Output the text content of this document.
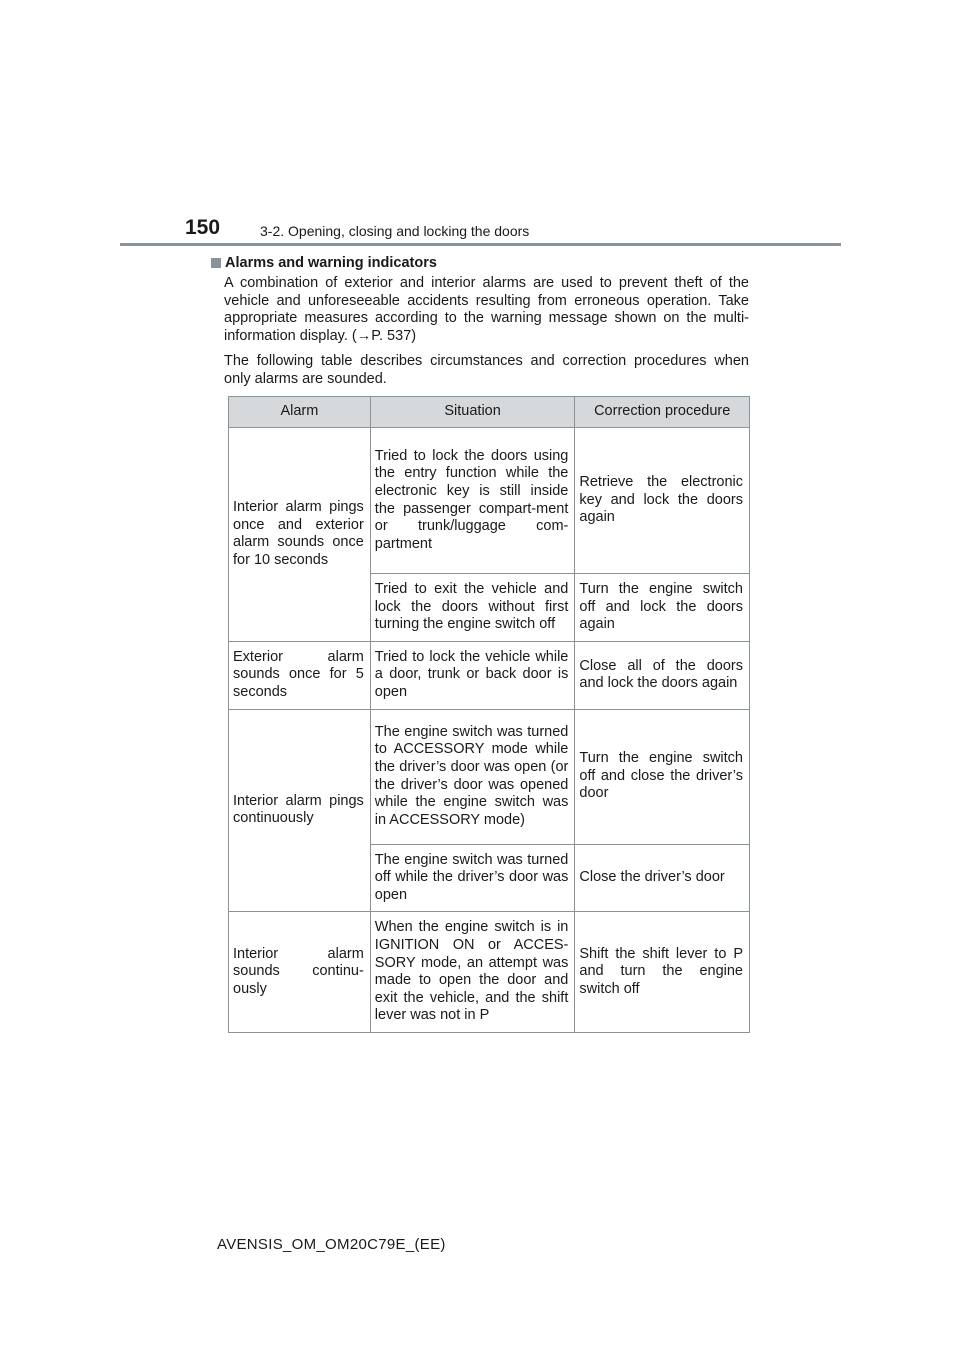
150	3-2. Opening, closing and locking the doors
Alarms and warning indicators

A combination of exterior and interior alarms are used to prevent theft of the vehicle and unforeseeable accidents resulting from erroneous operation. Take appropriate measures according to the warning message shown on the multi-information display. (→P. 537)

The following table describes circumstances and correction procedures when only alarms are sounded.

Alarm	Situation	Correction procedure
Interior alarm pings once and exterior alarm sounds once for 10 seconds	Tried to lock the doors using the entry function while the electronic key is still inside the passenger compart-ment or trunk/luggage com-partment	Retrieve the electronic key and lock the doors again
	Tried to exit the vehicle and lock the doors without first turning the engine switch off	Turn the engine switch off and lock the doors again
Exterior alarm sounds once for 5 seconds	Tried to lock the vehicle while a door, trunk or back door is open	Close all of the doors and lock the doors again
Interior alarm pings continuously	The engine switch was turned to ACCESSORY mode while the driver’s door was open (or the driver’s door was opened while the engine switch was in ACCESSORY mode)	Turn the engine switch off and close the driver’s door
	The engine switch was turned off while the driver’s door was open	Close the driver’s door
Interior alarm sounds continu-ously	When the engine switch is in IGNITION ON or ACCES-SORY mode, an attempt was made to open the door and exit the vehicle, and the shift lever was not in P	Shift the shift lever to P and turn the engine switch off
AVENSIS_OM_OM20C79E_(EE)
